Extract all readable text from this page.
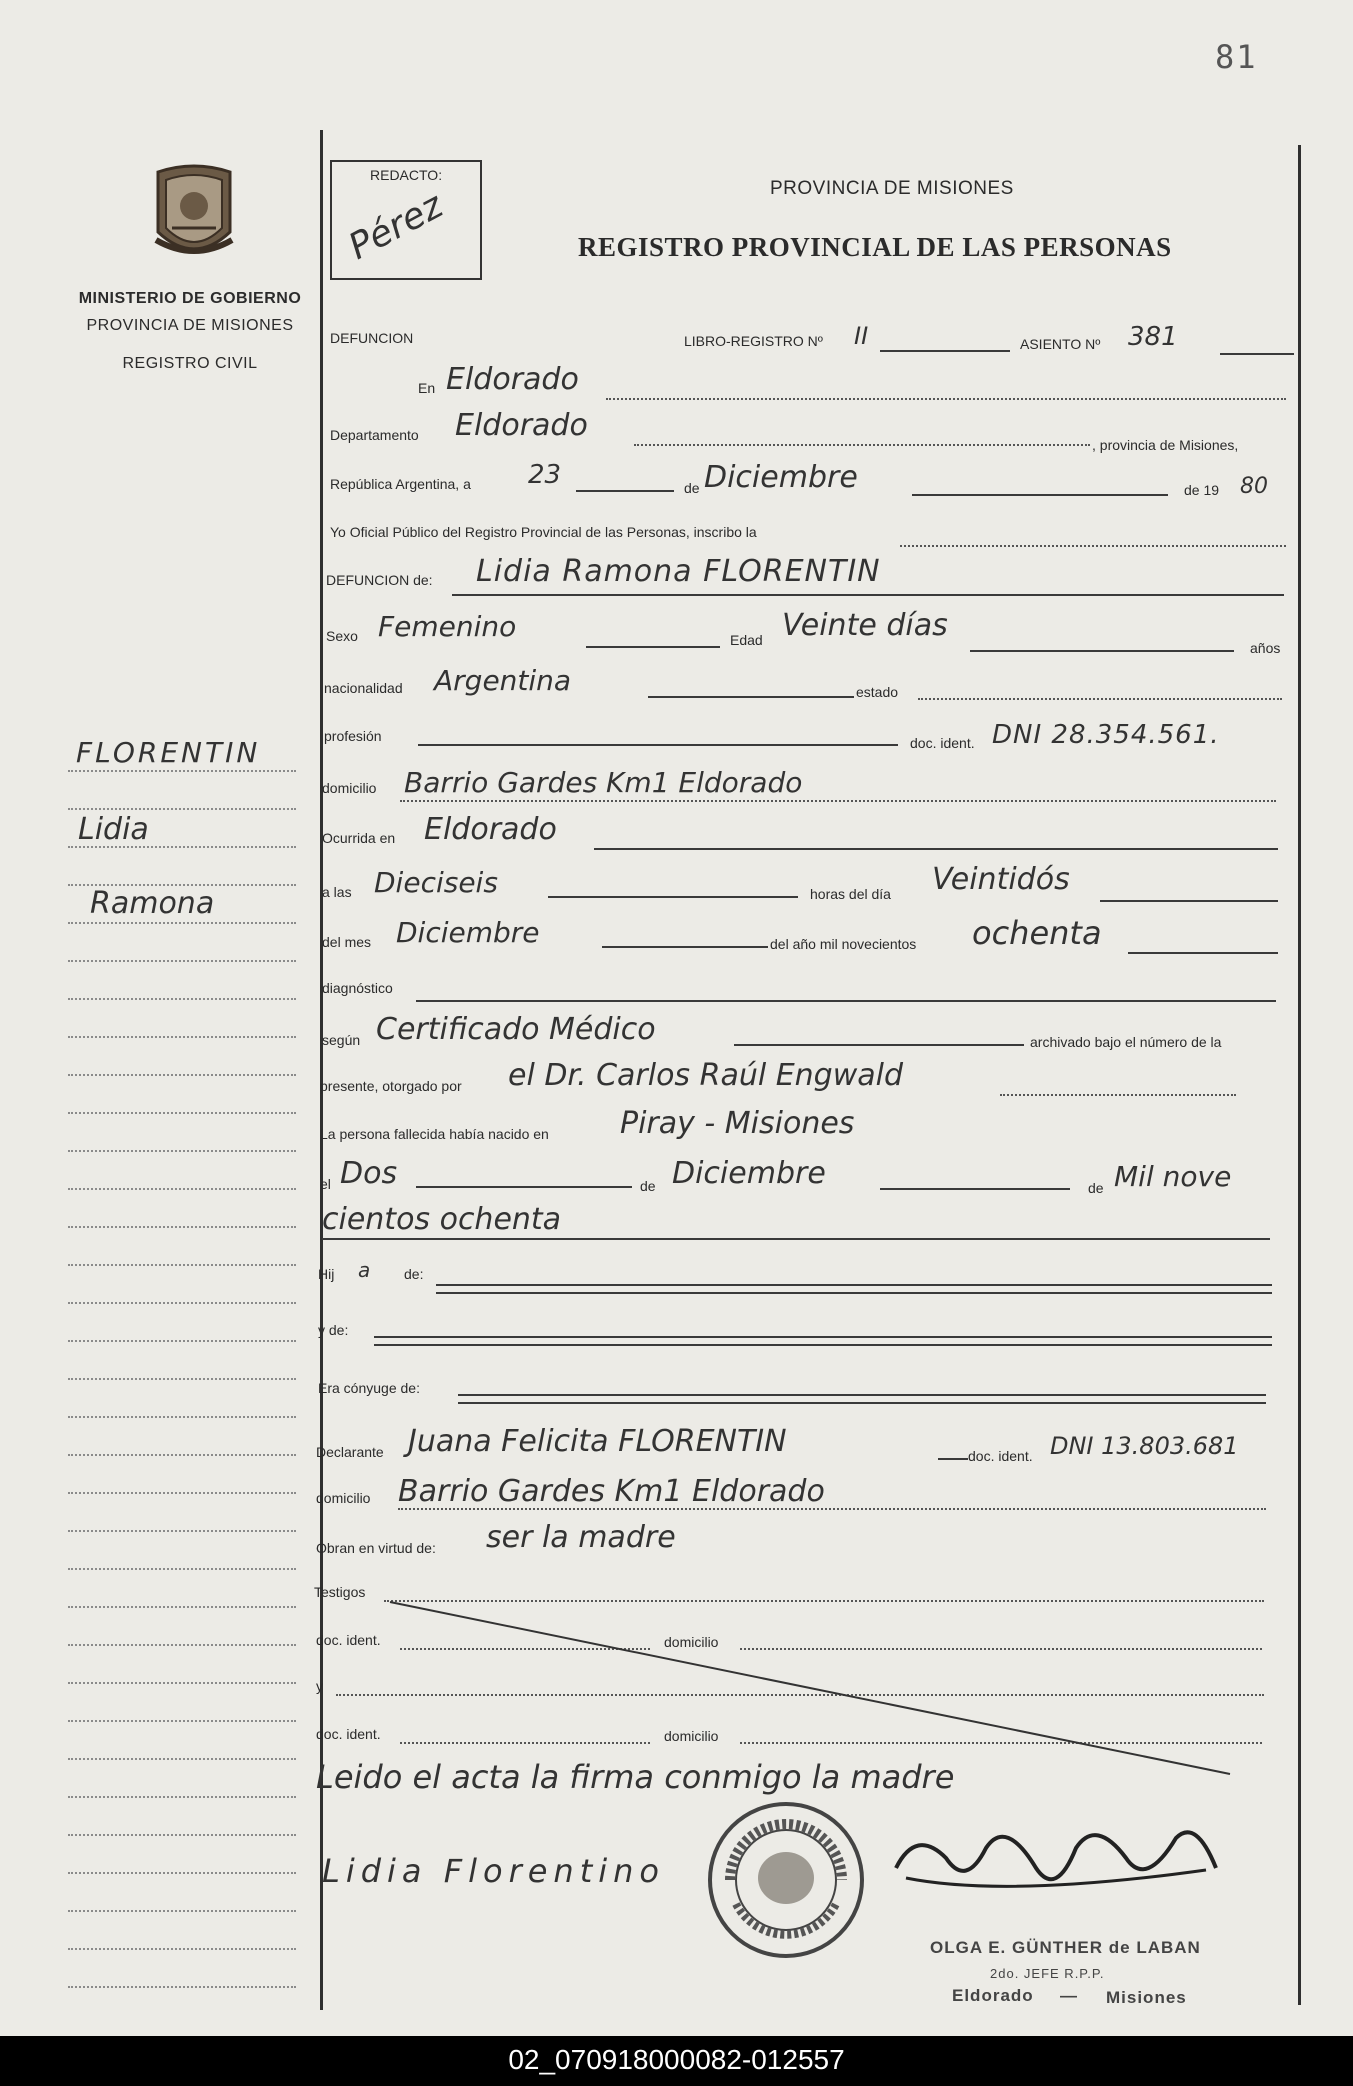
81
MINISTERIO DE GOBIERNO
PROVINCIA DE MISIONES
REGISTRO CIVIL
FLORENTIN
Lidia
Ramona
REDACTO:
Pérez	PROVINCIA DE MISIONES
REGISTRO PROVINCIAL DE LAS PERSONAS
DEFUNCION	LIBRO-REGISTRO Nº II	ASIENTO Nº 381
En Eldorado
Departamento Eldorado
, provincia de Misiones,
República Argentina, a 23	de Diciembre	de 19 80
Yo Oficial Público del Registro Provincial de las Personas, inscribo la
DEFUNCION de: Lidia Ramona FLORENTIN
Sexo Femenino	Edad Veinte días
años
nacionalidad Argentina	estado
profesión	doc. ident. DNI 28.354.561.
domicilio Barrio Gardes Km1 Eldorado
Ocurrida en Eldorado
a las Dieciseis	horas del día Veintidós
del mes Diciembre	del año mil novecientos ochenta
diagnóstico
según Certificado Médico	archivado bajo el número de la
presente, otorgado por el Dr. Carlos Raúl Engwald
La persona fallecida había nacido en Piray - Misiones
el Dos	de Diciembre	de Mil nove
cientos ochenta
Hij a de:
y de:
Era cónyuge de:
Declarante Juana Felicita FLORENTIN	doc. ident. DNI 13.803.681
domicilio Barrio Gardes Km1 Eldorado
Obran en virtud de: ser la madre
Testigos
doc. ident.	domicilio
y
doc. ident.	domicilio
Leido el acta la firma conmigo la madre
Lidia Florentino
OLGA E. GÜNTHER de LABAN
2do. JEFE R.P.P.
Eldorado — Misiones
02_070918000082-012557
